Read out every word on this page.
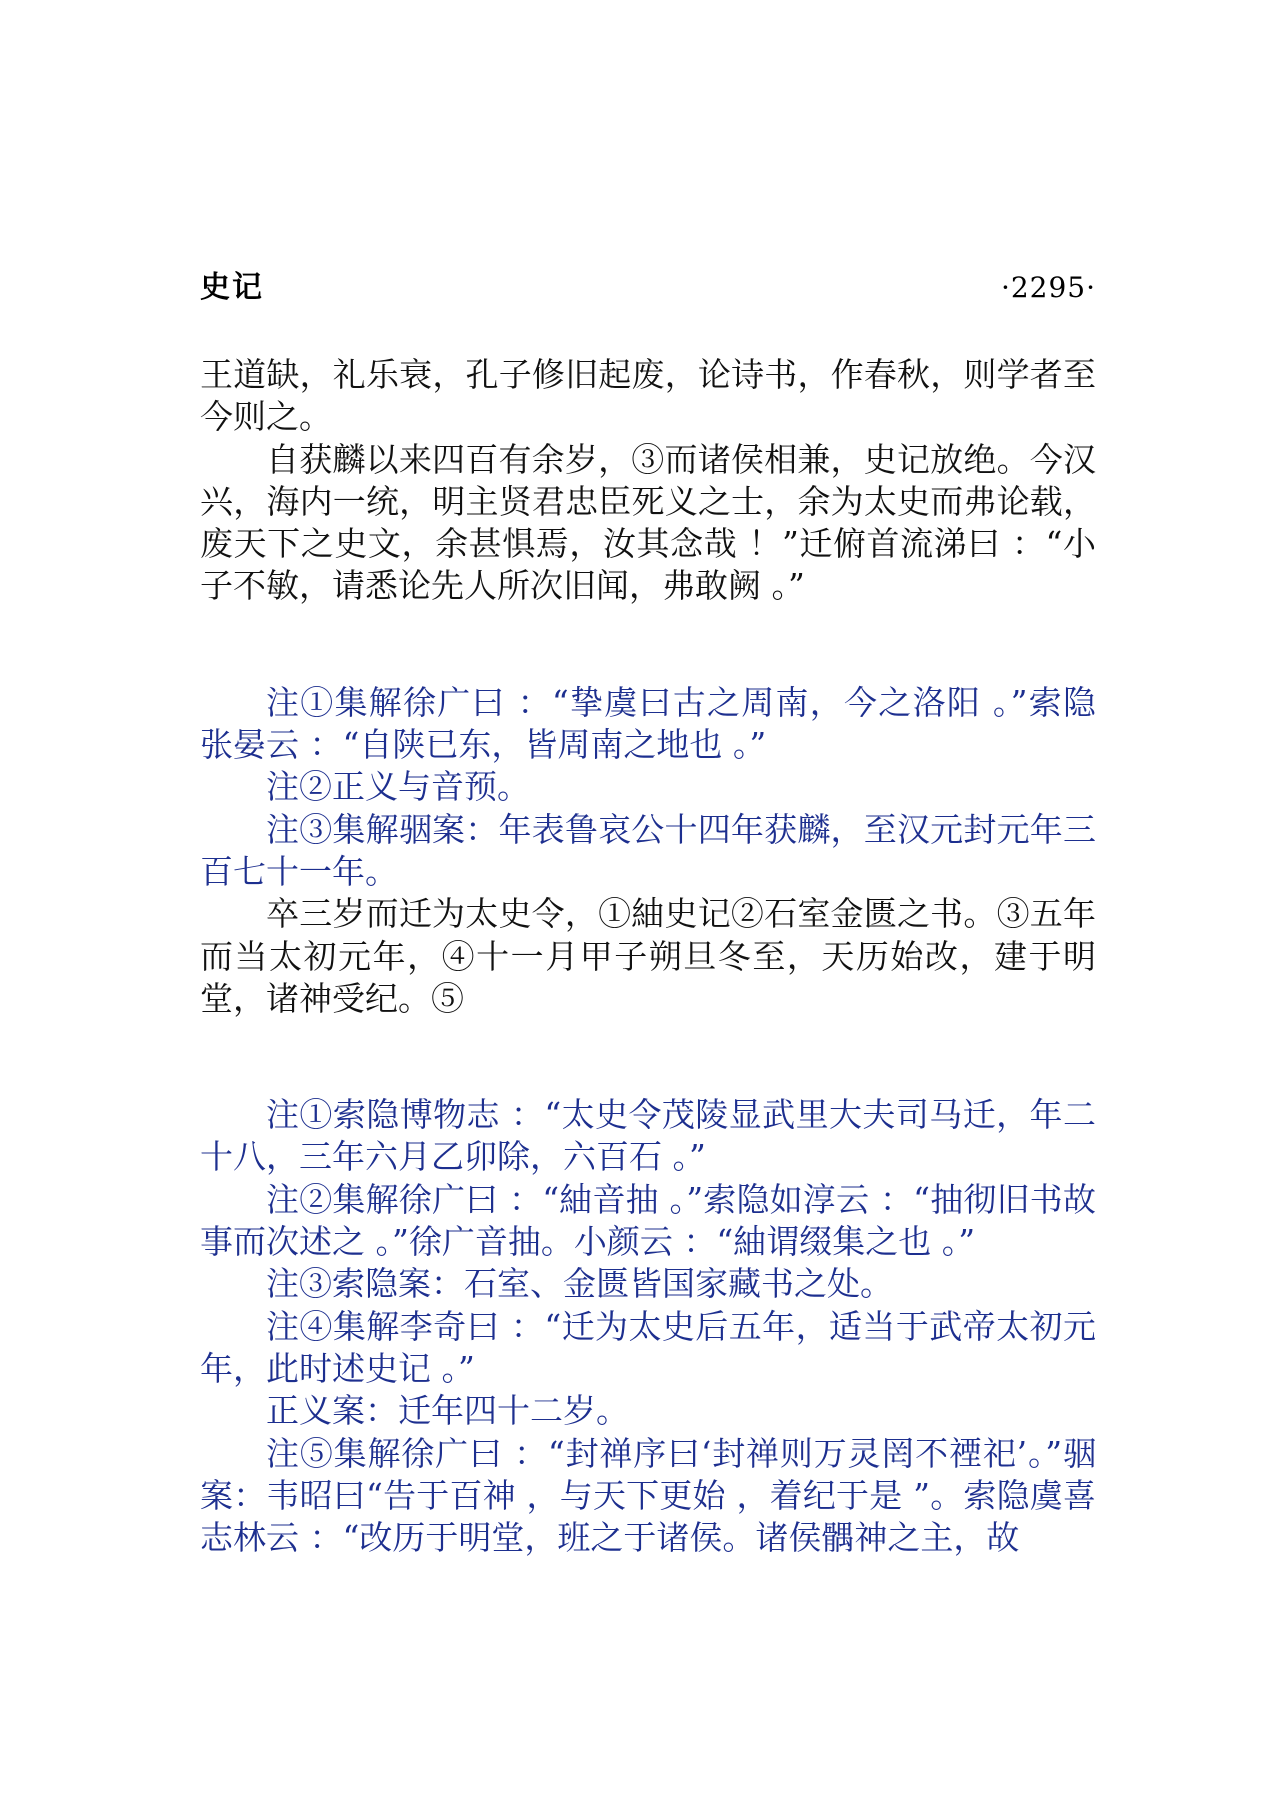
史记	·2295·

王道缺，礼乐衰，孔子修旧起废，论诗书，作春秋，则学者至今则之。

自获麟以来四百有余岁，③而诸侯相兼，史记放绝。今汉兴，海内一统，明主贤君忠臣死义之士，余为太史而弗论载，废天下之史文，余甚惧焉，汝其念哉 ！”迁俯首流涕曰 ：“小子不敏，请悉论先人所次旧闻，弗敢阙 。”

注①集解徐广曰 ：“挚虞曰古之周南，今之洛阳 。”索隐张晏云 ：“自陕已东，皆周南之地也 。”

注②正义与音预。

注③集解骃案：年表鲁哀公十四年获麟，至汉元封元年三百七十一年。

卒三岁而迁为太史令，①紬史记②石室金匮之书。③五年而当太初元年，④十一月甲子朔旦冬至，天历始改，建于明堂，诸神受纪。⑤

注①索隐博物志 ：“太史令茂陵显武里大夫司马迁，年二十八，三年六月乙卯除，六百石 。”

注②集解徐广曰 ：“紬音抽 。”索隐如淳云 ：“抽彻旧书故事而次述之 。”徐广音抽。小颜云 ：“紬谓缀集之也 。”

注③索隐案：石室、金匮皆国家藏书之处。

注④集解李奇曰 ：“迁为太史后五年，适当于武帝太初元年，此时述史记 。”

正义案：迁年四十二岁。

注⑤集解徐广曰 ：“封禅序曰‘封禅则万灵罔不禋祀’。”骃案：韦昭曰“告于百神 ，与天下更始 ，着纪于是 ”。索隐虞喜志林云 ：“改历于明堂，班之于诸侯。诸侯髃神之主，故
